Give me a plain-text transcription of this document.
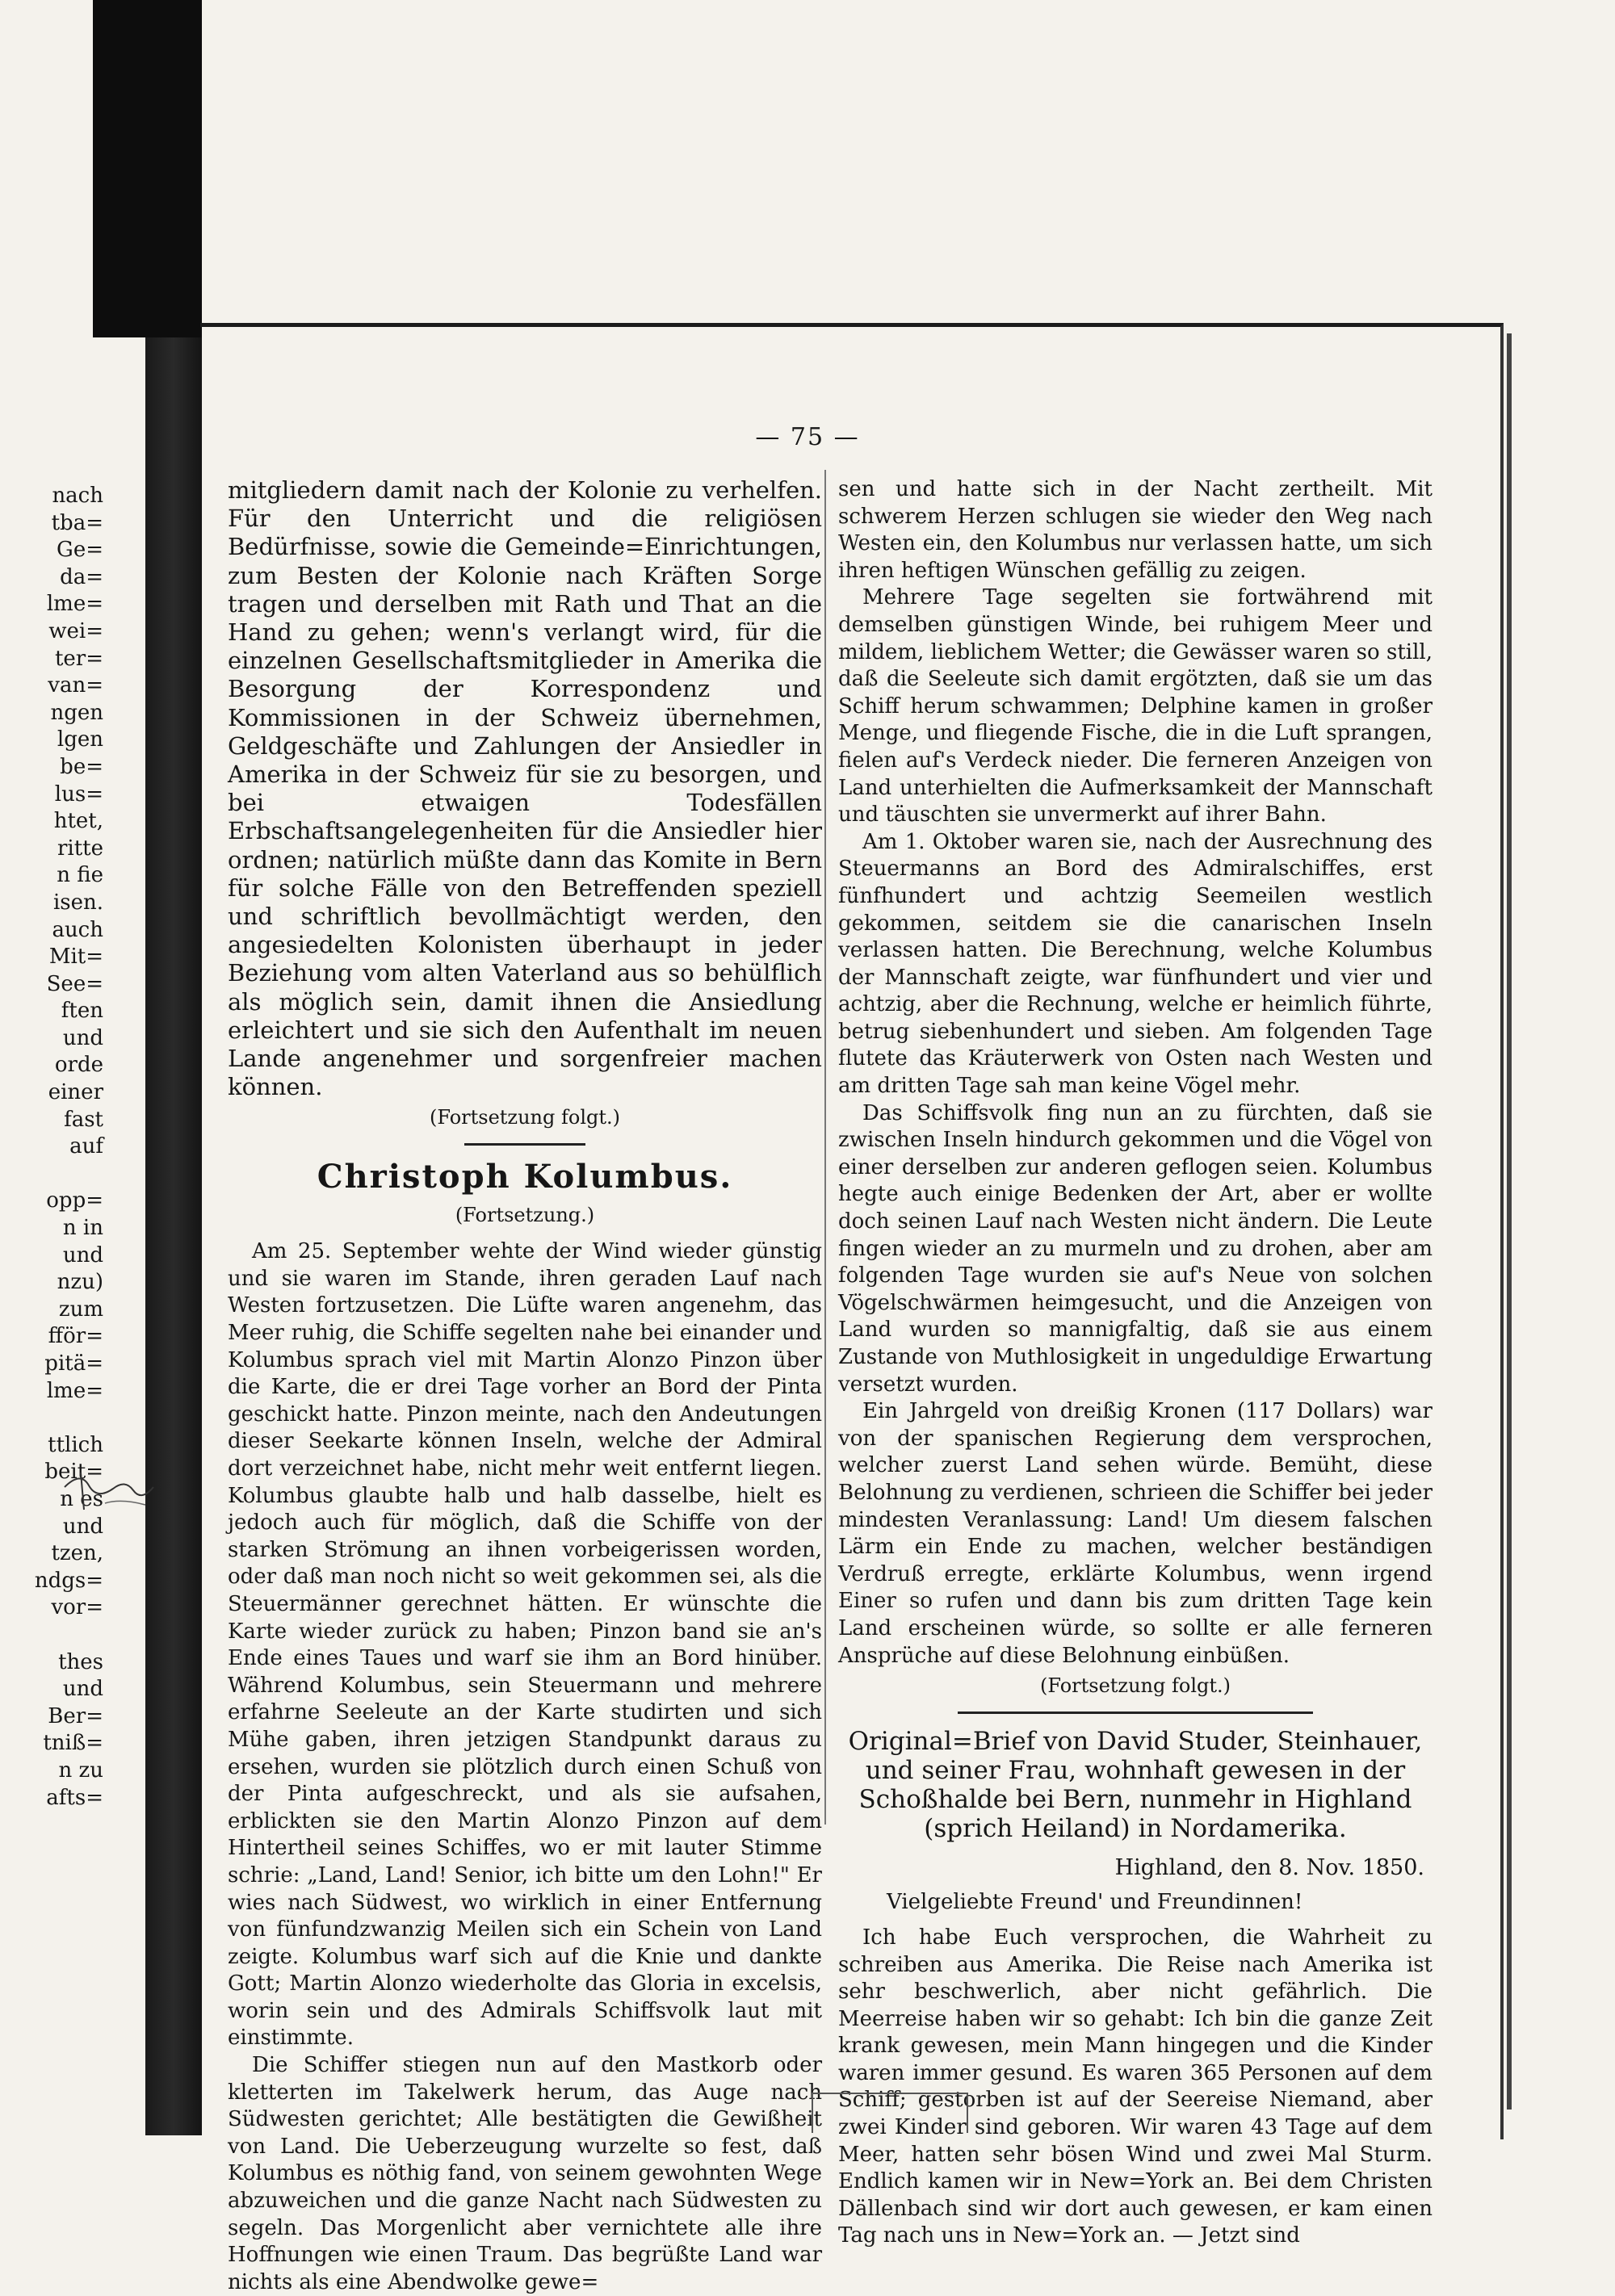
nach
tba=
Ge=
da=
lme=
wei=
ter=
van=
ngen
lgen
be=
lus=
htet,
ritte
n fie
isen.
auch
Mit=
See=
ften
und
orde
einer
fast
auf

opp=
n in
und
nzu)
zum
fför=
pitä=
lme=

ttlich
beit=
n es
und
tzen,
ndgs=
vor=

thes
und
Ber=
tniß=
n zu
afts=
— 75 —

mitgliedern damit nach der Kolonie zu verhelfen. Für den Unterricht und die religiösen Bedürfnisse, sowie die Gemeinde=Einrichtungen, zum Besten der Kolonie nach Kräften Sorge tragen und derselben mit Rath und That an die Hand zu gehen; wenn's verlangt wird, für die einzelnen Gesellschaftsmitglieder in Amerika die Besorgung der Korrespondenz und Kommissionen in der Schweiz übernehmen, Geldgeschäfte und Zahlungen der Ansiedler in Amerika in der Schweiz für sie zu besorgen, und bei etwaigen Todesfällen Erbschaftsangelegenheiten für die Ansiedler hier ordnen; natürlich müßte dann das Komite in Bern für solche Fälle von den Betreffenden speziell und schriftlich bevollmächtigt werden, den angesiedelten Kolonisten überhaupt in jeder Beziehung vom alten Vaterland aus so behülflich als möglich sein, damit ihnen die Ansiedlung erleichtert und sie sich den Aufenthalt im neuen Lande angenehmer und sorgenfreier machen können.

(Fortsetzung folgt.)
Christoph Kolumbus.
(Fortsetzung.)

Am 25. September wehte der Wind wieder günstig und sie waren im Stande, ihren geraden Lauf nach Westen fortzusetzen. Die Lüfte waren angenehm, das Meer ruhig, die Schiffe segelten nahe bei einander und Kolumbus sprach viel mit Martin Alonzo Pinzon über die Karte, die er drei Tage vorher an Bord der Pinta geschickt hatte. Pinzon meinte, nach den Andeutungen dieser Seekarte können Inseln, welche der Admiral dort verzeichnet habe, nicht mehr weit entfernt liegen. Kolumbus glaubte halb und halb dasselbe, hielt es jedoch auch für möglich, daß die Schiffe von der starken Strömung an ihnen vorbeigerissen worden, oder daß man noch nicht so weit gekommen sei, als die Steuermänner gerechnet hätten. Er wünschte die Karte wieder zurück zu haben; Pinzon band sie an's Ende eines Taues und warf sie ihm an Bord hinüber. Während Kolumbus, sein Steuermann und mehrere erfahrne Seeleute an der Karte studirten und sich Mühe gaben, ihren jetzigen Standpunkt daraus zu ersehen, wurden sie plötzlich durch einen Schuß von der Pinta aufgeschreckt, und als sie aufsahen, erblickten sie den Martin Alonzo Pinzon auf dem Hintertheil seines Schiffes, wo er mit lauter Stimme schrie: „Land, Land! Senior, ich bitte um den Lohn!" Er wies nach Südwest, wo wirklich in einer Entfernung von fünfundzwanzig Meilen sich ein Schein von Land zeigte. Kolumbus warf sich auf die Knie und dankte Gott; Martin Alonzo wiederholte das Gloria in excelsis, worin sein und des Admirals Schiffsvolk laut mit einstimmte.

Die Schiffer stiegen nun auf den Mastkorb oder kletterten im Takelwerk herum, das Auge nach Südwesten gerichtet; Alle bestätigten die Gewißheit von Land. Die Ueberzeugung wurzelte so fest, daß Kolumbus es nöthig fand, von seinem gewohnten Wege abzuweichen und die ganze Nacht nach Südwesten zu segeln. Das Morgenlicht aber vernichtete alle ihre Hoffnungen wie einen Traum. Das begrüßte Land war nichts als eine Abendwolke gewe=

sen und hatte sich in der Nacht zertheilt. Mit schwerem Herzen schlugen sie wieder den Weg nach Westen ein, den Kolumbus nur verlassen hatte, um sich ihren heftigen Wünschen gefällig zu zeigen.

Mehrere Tage segelten sie fortwährend mit demselben günstigen Winde, bei ruhigem Meer und mildem, lieblichem Wetter; die Gewässer waren so still, daß die Seeleute sich damit ergötzten, daß sie um das Schiff herum schwammen; Delphine kamen in großer Menge, und fliegende Fische, die in die Luft sprangen, fielen auf's Verdeck nieder. Die ferneren Anzeigen von Land unterhielten die Aufmerksamkeit der Mannschaft und täuschten sie unvermerkt auf ihrer Bahn.

Am 1. Oktober waren sie, nach der Ausrechnung des Steuermanns an Bord des Admiralschiffes, erst fünfhundert und achtzig Seemeilen westlich gekommen, seitdem sie die canarischen Inseln verlassen hatten. Die Berechnung, welche Kolumbus der Mannschaft zeigte, war fünfhundert und vier und achtzig, aber die Rechnung, welche er heimlich führte, betrug siebenhundert und sieben. Am folgenden Tage flutete das Kräuterwerk von Osten nach Westen und am dritten Tage sah man keine Vögel mehr.

Das Schiffsvolk fing nun an zu fürchten, daß sie zwischen Inseln hindurch gekommen und die Vögel von einer derselben zur anderen geflogen seien. Kolumbus hegte auch einige Bedenken der Art, aber er wollte doch seinen Lauf nach Westen nicht ändern. Die Leute fingen wieder an zu murmeln und zu drohen, aber am folgenden Tage wurden sie auf's Neue von solchen Vögelschwärmen heimgesucht, und die Anzeigen von Land wurden so mannigfaltig, daß sie aus einem Zustande von Muthlosigkeit in ungeduldige Erwartung versetzt wurden.

Ein Jahrgeld von dreißig Kronen (117 Dollars) war von der spanischen Regierung dem versprochen, welcher zuerst Land sehen würde. Bemüht, diese Belohnung zu verdienen, schrieen die Schiffer bei jeder mindesten Veranlassung: Land! Um diesem falschen Lärm ein Ende zu machen, welcher beständigen Verdruß erregte, erklärte Kolumbus, wenn irgend Einer so rufen und dann bis zum dritten Tage kein Land erscheinen würde, so sollte er alle ferneren Ansprüche auf diese Belohnung einbüßen.

(Fortsetzung folgt.)
Original=Brief von David Studer, Steinhauer, und seiner Frau, wohnhaft gewesen in der Schoßhalde bei Bern, nunmehr in Highland (sprich Heiland) in Nordamerika.
Highland, den 8. Nov. 1850.
Vielgeliebte Freund' und Freundinnen!

Ich habe Euch versprochen, die Wahrheit zu schreiben aus Amerika. Die Reise nach Amerika ist sehr beschwerlich, aber nicht gefährlich. Die Meerreise haben wir so gehabt: Ich bin die ganze Zeit krank gewesen, mein Mann hingegen und die Kinder waren immer gesund. Es waren 365 Personen auf dem Schiff; gestorben ist auf der Seereise Niemand, aber zwei Kinder sind geboren. Wir waren 43 Tage auf dem Meer, hatten sehr bösen Wind und zwei Mal Sturm. Endlich kamen wir in New=York an. Bei dem Christen Dällenbach sind wir dort auch gewesen, er kam einen Tag nach uns in New=York an. — Jetzt sind
